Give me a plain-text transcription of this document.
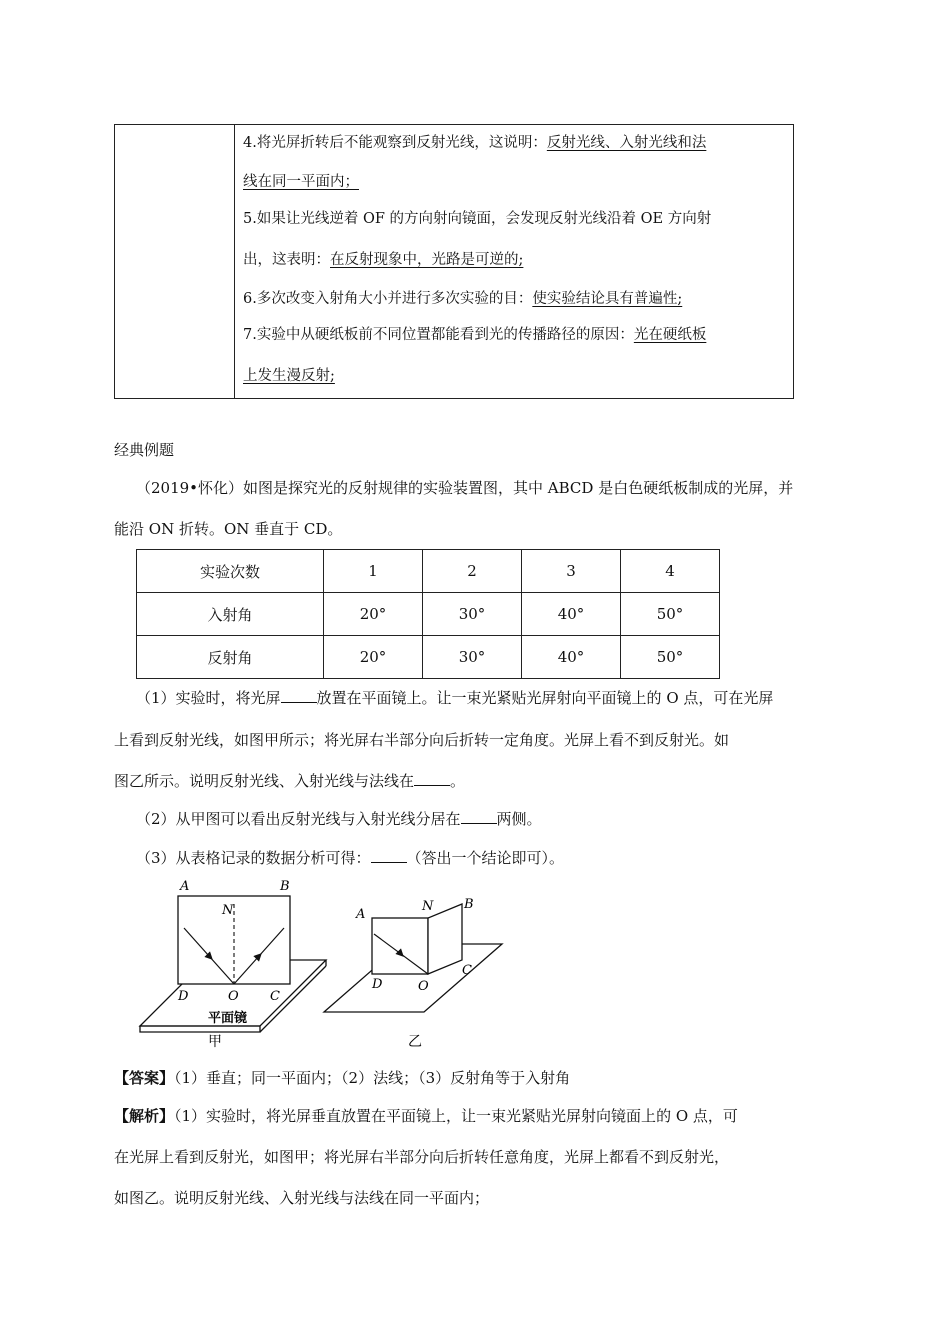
4.将光屏折转后不能观察到反射光线，这说明：反射光线、入射光线和法
线在同一平面内；
5.如果让光线逆着 OF 的方向射向镜面，会发现反射光线沿着 OE 方向射
出，这表明：在反射现象中，光路是可逆的;
6.多次改变入射角大小并进行多次实验的目：使实验结论具有普遍性;
7.实验中从硬纸板前不同位置都能看到光的传播路径的原因：光在硬纸板
上发生漫反射;
经典例题
（2019•怀化）如图是探究光的反射规律的实验装置图，其中 ABCD 是白色硬纸板制成的光屏，并
能沿 ON 折转。ON 垂直于 CD。
实验次数	1	2	3	4
入射角	20°	30°	40°	50°
反射角	20°	30°	40°	50°
（1）实验时，将光屏 放置在平面镜上。让一束光紧贴光屏射向平面镜上的 O 点，可在光屏
上看到反射光线，如图甲所示；将光屏右半部分向后折转一定角度。光屏上看不到反射光。如
图乙所示。说明反射光线、入射光线与法线在 。
（2）从甲图可以看出反射光线与入射光线分居在 两侧。
（3）从表格记录的数据分析可得： （答出一个结论即可）。
A	B
N
D	O C
平面镜
甲
A
N B
D	O
C
乙
【答案】（1）垂直；同一平面内；（2）法线；（3）反射角等于入射角
【解析】（1）实验时，将光屏垂直放置在平面镜上，让一束光紧贴光屏射向镜面上的 O 点，可
在光屏上看到反射光，如图甲；将光屏右半部分向后折转任意角度，光屏上都看不到反射光，
如图乙。说明反射光线、入射光线与法线在同一平面内；
